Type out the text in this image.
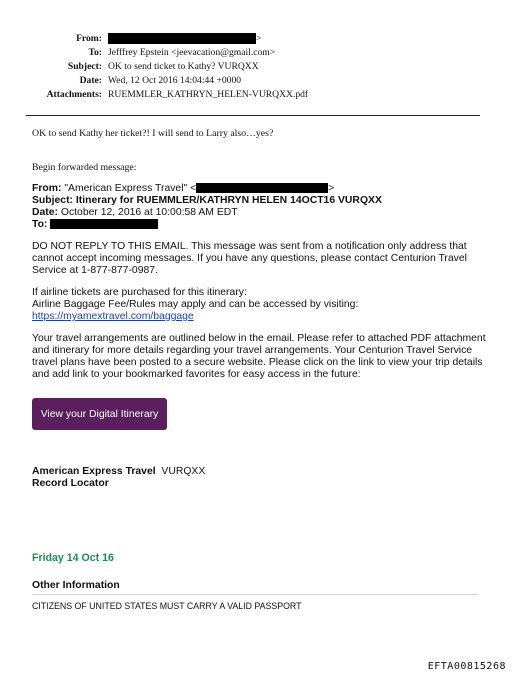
From:	>
To: Jefffrey Epstein <jeevacation@gmail.com>
Subject: OK to send ticket to Kathy? VURQXX
Date: Wed, 12 Oct 2016 14:04:44 +0000
Attachments: RUEMMLER_KATHRYN_HELEN-VURQXX.pdf
OK to send Kathy her ticket?! I will send to Larry also…yes?
Begin forwarded message:
From: "American Express Travel" <	>
Subject: Itinerary for RUEMMLER/KATHRYN HELEN 14OCT16 VURQXX
Date: October 12, 2016 at 10:00:58 AM EDT
To:
DO NOT REPLY TO THIS EMAIL. This message was sent from a notification only address that
cannot accept incoming messages. If you have any questions, please contact Centurion Travel
Service at 1-877-877-0987.
If airline tickets are purchased for this itinerary:
Airline Baggage Fee/Rules may apply and can be accessed by visiting:
https://myamextravel.com/baggage
Your travel arrangements are outlined below in the email. Please refer to attached PDF attachment
and itinerary for more details regarding your travel arrangements. Your Centurion Travel Service
travel plans have been posted to a secure website. Please click on the link to view your trip details
and add link to your bookmarked favorites for easy access in the future:
View your Digital Itinerary
American Express Travel VURQXX
Record Locator
Friday 14 Oct 16
Other Information
CITIZENS OF UNITED STATES MUST CARRY A VALID PASSPORT
EFTA00815268
